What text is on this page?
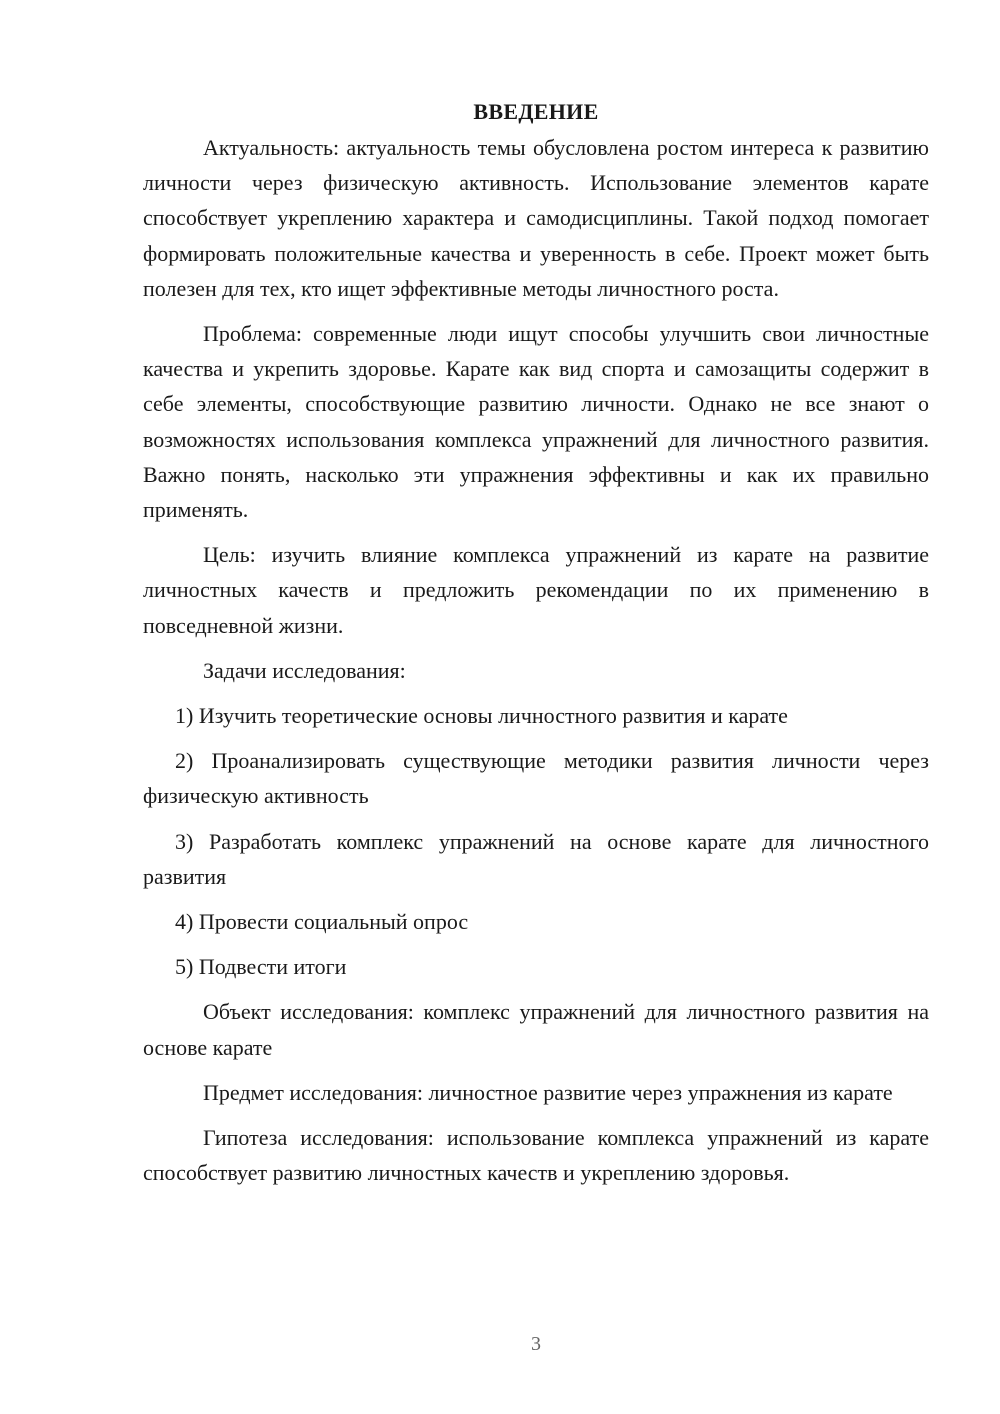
ВВЕДЕНИЕ

Актуальность: актуальность темы обусловлена ростом интереса к развитию личности через физическую активность. Использование элементов карате способствует укреплению характера и самодисциплины. Такой подход помогает формировать положительные качества и уверенность в себе. Проект может быть полезен для тех, кто ищет эффективные методы личностного роста.

Проблема: современные люди ищут способы улучшить свои личностные качества и укрепить здоровье. Карате как вид спорта и самозащиты содержит в себе элементы, способствующие развитию личности. Однако не все знают о возможностях использования комплекса упражнений для личностного развития. Важно понять, насколько эти упражнения эффективны и как их правильно применять.

Цель: изучить влияние комплекса упражнений из карате на развитие личностных качеств и предложить рекомендации по их применению в повседневной жизни.

Задачи исследования:

1) Изучить теоретические основы личностного развития и карате

2) Проанализировать существующие методики развития личности через физическую активность

3) Разработать комплекс упражнений на основе карате для личностного развития

4) Провести социальный опрос

5) Подвести итоги

Объект исследования: комплекс упражнений для личностного развития на основе карате

Предмет исследования: личностное развитие через упражнения из карате

Гипотеза исследования: использование комплекса упражнений из карате способствует развитию личностных качеств и укреплению здоровья.

3
